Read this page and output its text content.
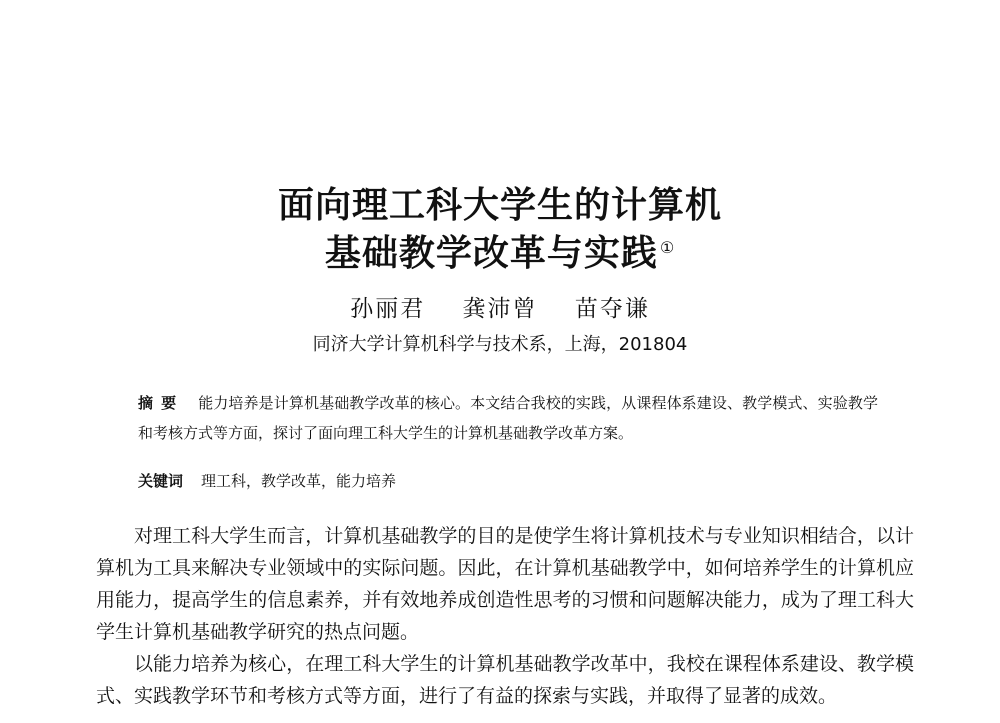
面向理工科大学生的计算机
基础教学改革与实践 ①
孙丽君 龚沛曾 苗夺谦
同济大学计算机科学与技术系，上海，201804
摘要 能力培养是计算机基础教学改革的核心。本文结合我校的实践，从课程体系建设、教学模式、实验教学和考核方式等方面，探讨了面向理工科大学生的计算机基础教学改革方案。
关键词 理工科，教学改革，能力培养

对理工科大学生而言，计算机基础教学的目的是使学生将计算机技术与专业知识相结合，以计算机为工具来解决专业领域中的实际问题。因此，在计算机基础教学中，如何培养学生的计算机应用能力，提高学生的信息素养，并有效地养成创造性思考的习惯和问题解决能力，成为了理工科大学生计算机基础教学研究的热点问题。

以能力培养为核心，在理工科大学生的计算机基础教学改革中，我校在课程体系建设、教学模式、实践教学环节和考核方式等方面，进行了有益的探索与实践，并取得了显著的成效。
